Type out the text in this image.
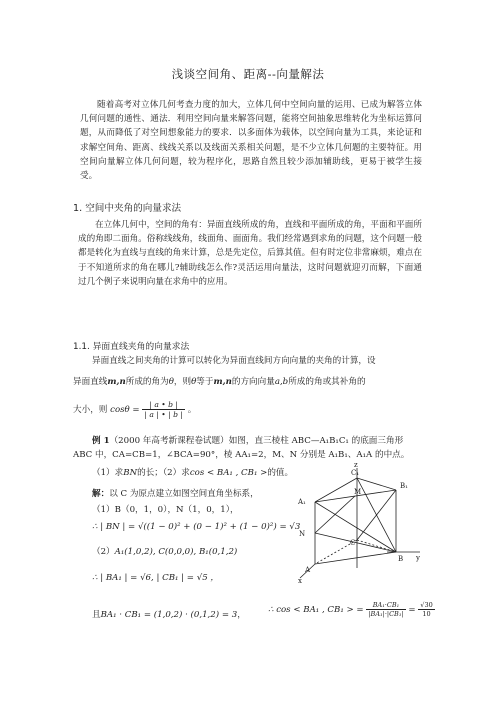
浅谈空间角、距离--向量解法
随着高考对立体几何考查力度的加大，立体几何中空间向量的运用、已成为解答立体几何问题的通性、通法．利用空间向量来解答问题，能将空间抽象思维转化为坐标运算问题，从而降低了对空间想象能力的要求．以多面体为载体，以空间向量为工具，来论证和求解空间角、距离、线线关系以及线面关系相关问题，是不少立体几何题的主要特征。用空间向量解立体几何问题，较为程序化，思路自然且较少添加辅助线，更易于被学生接受。
1. 空间中夹角的向量求法
在立体几何中，空间的角有：异面直线所成的角，直线和平面所成的角，平面和平面所成的角即二面角。俗称线线角，线面角、面面角。我们经常遇到求角的问题，这个问题一般都是转化为直线与直线的角来计算，总是先定位，后算其值。但有时定位非常麻烦，难点在于不知道所求的角在哪儿?辅助线怎么作?灵活运用向量法，这时问题就迎刃而解，下面通过几个例子来说明向量在求角中的应用。
1.1. 异面直线夹角的向量求法
异面直线之间夹角的计算可以转化为异面直线间方向向量的夹角的计算，设
异面直线m,n所成的角为θ，则θ等于m,n的方向向量a,b所成的角或其补角的
大小，则 $\cos\theta = \frac{| a • b |}{| a | • | b |}$ 。
例 1（2000 年高考新课程卷试题）如图，直三棱柱 ABC—A₁B₁C₁ 的底面三角形
ABC 中，CA=CB=1，∠BCA=90°，棱 AA₁=2，M、N 分别是 A₁B₁、A₁A 的中点。
（1）求BN的长；（2）求cos < BA₁ , CB₁ >的值。
解：以 C 为原点建立如图空间直角坐标系，
（1）B（0，1，0），N（1，0，1），
∴ | BN | = √((1 − 0)² + (0 − 1)² + (1 − 0)²) = √3
（2）A₁(1,0,2), C(0,0,0), B₁(0,1,2)
∴ | BA₁ | = √6, | CB₁ | = √5 ，
且BA₁ · CB₁ = (1,0,2) · (0,1,2) = 3，	∴ cos < BA₁ , CB₁ > = $\frac{\text{BA₁·CB₁}}{\text{|BA₁|·|CB₁|}} = \frac{√30}{10}$
z
C₁
B₁
A₁
M
N
C
B y
A
x
